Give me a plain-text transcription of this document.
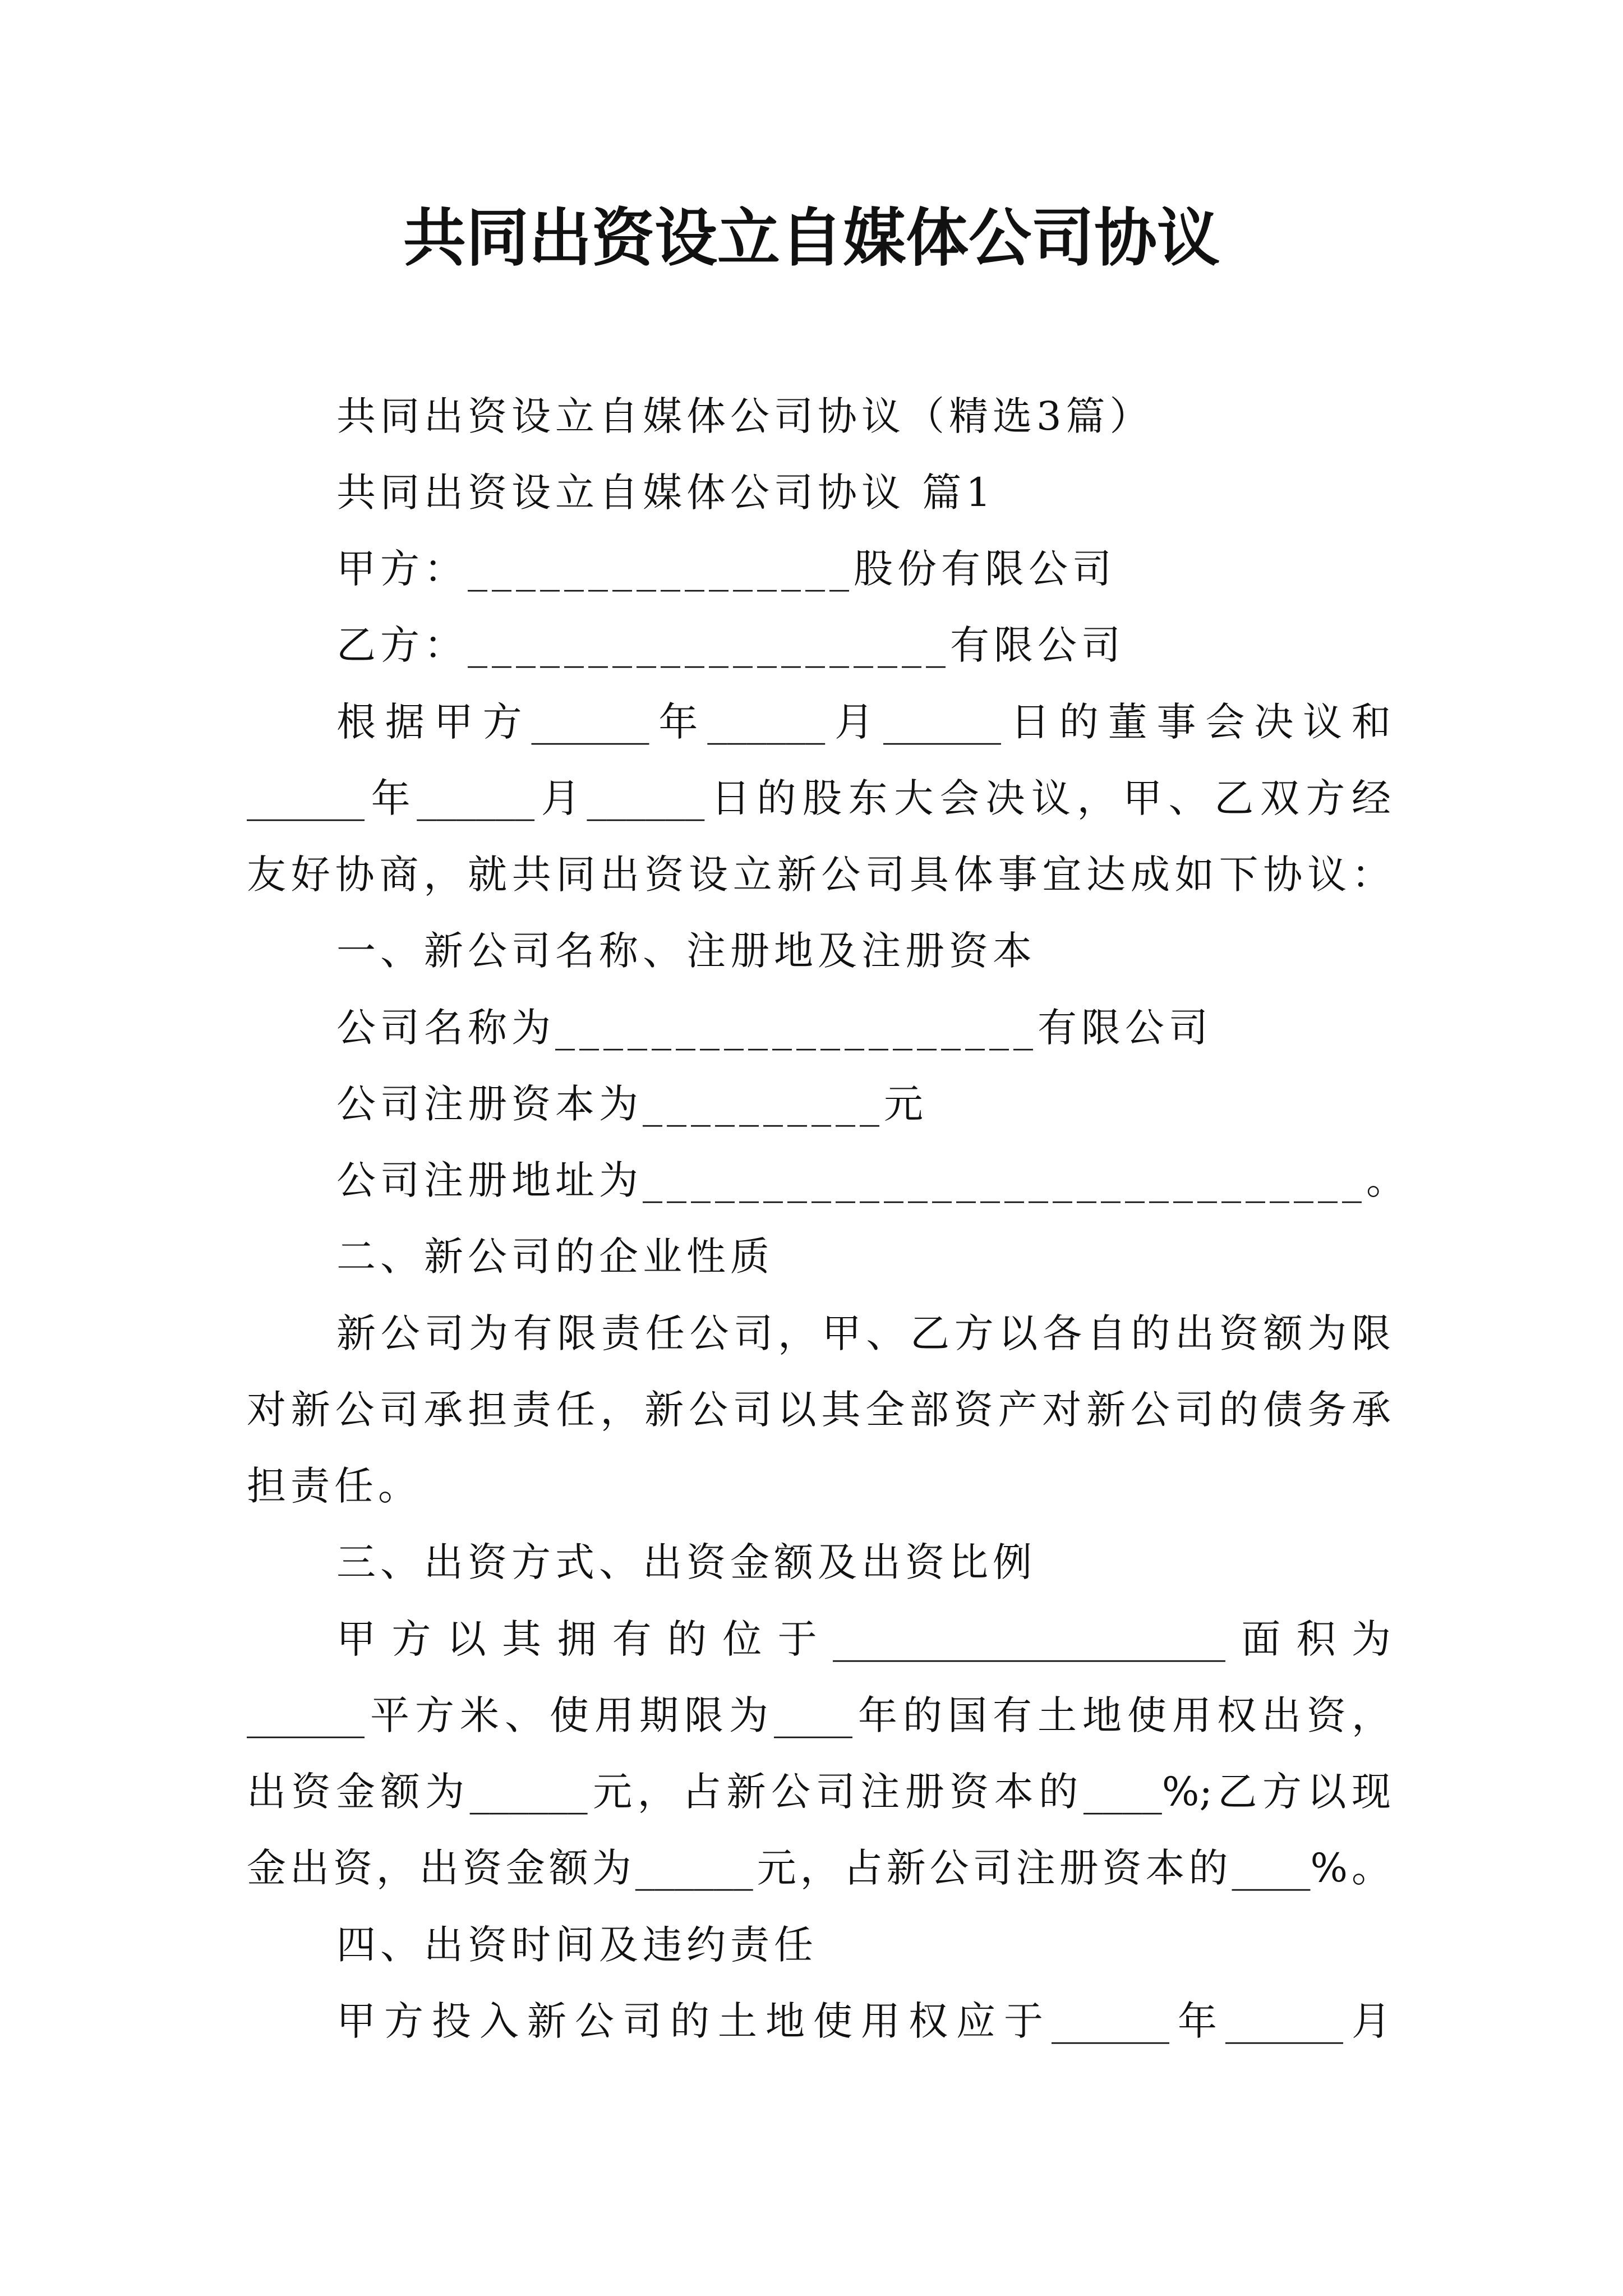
共同出资设立自媒体公司协议
共同出资设立自媒体公司协议（精选3篇）
共同出资设立自媒体公司协议 篇1
甲方：________________股份有限公司
乙方：____________________有限公司
根据甲方______年______月______日的董事会决议和
______年______月______日的股东大会决议，甲、乙双方经
友好协商，就共同出资设立新公司具体事宜达成如下协议：
一、新公司名称、注册地及注册资本
公司名称为____________________有限公司
公司注册资本为__________元
公司注册地址为______________________________。
二、新公司的企业性质
新公司为有限责任公司，甲、乙方以各自的出资额为限
对新公司承担责任，新公司以其全部资产对新公司的债务承
担责任。
三、出资方式、出资金额及出资比例
甲方以其拥有的位于____________________面积为
______平方米、使用期限为____年的国有土地使用权出资，
出资金额为______元，占新公司注册资本的____%;乙方以现
金出资，出资金额为______元，占新公司注册资本的____%。
四、出资时间及违约责任
甲方投入新公司的土地使用权应于______年______月
